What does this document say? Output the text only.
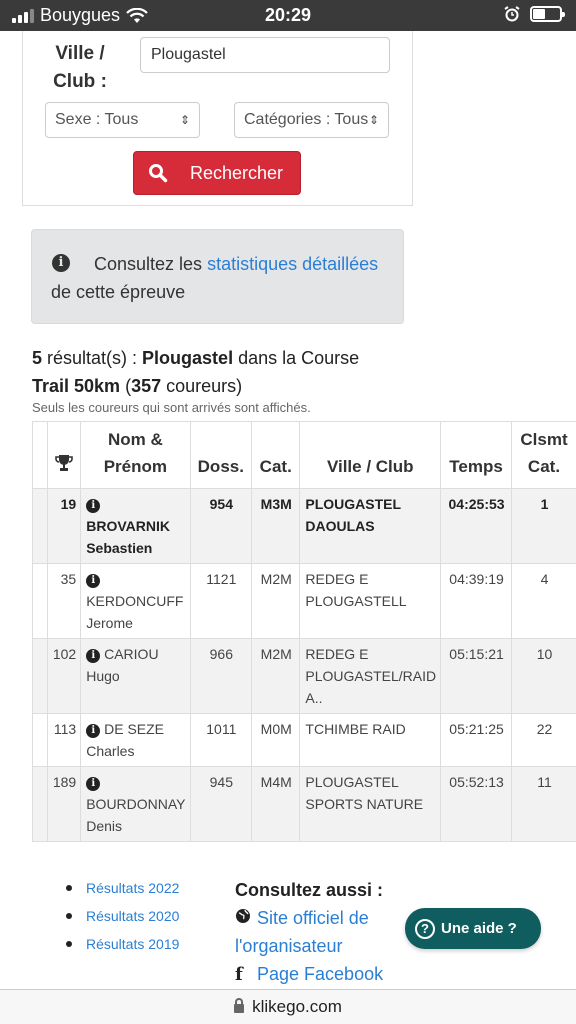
Bouygues	20:29
Ville /
Club :
Plougastel
Sexe : Tous	⇕	Catégories : Tous ⇕
Rechercher
i	Consultez les statistiques détaillées de cette épreuve
5 résultat(s) : Plougastel dans la Course
Trail 50km (357 coureurs)
Seuls les coureurs qui sont arrivés sont affichés.
		Nom & Prénom	Doss.	Cat.	Ville / Club	Temps	Clsmt Cat.
	19	i
BROVARNIK
Sebastien	954	M3M	PLOUGASTEL DAOULAS	04:25:53	1
	35	i
KERDONCUFF
Jerome	1121	M2M	REDEG E PLOUGASTELL	04:39:19	4
	102	i CARIOU
Hugo	966	M2M	REDEG E PLOUGASTEL/RAID A..	05:15:21	10
	113	i DE SEZE
Charles	1011	M0M	TCHIMBE RAID	05:21:25	22
	189	i
BOURDONNAY
Denis	945	M4M	PLOUGASTEL SPORTS NATURE	05:52:13	11
Résultats 2022
Résultats 2020
Résultats 2019
Consultez aussi :
Site officiel de
l'organisateur
f Page Facebook
? Une aide ?
klikego.com
